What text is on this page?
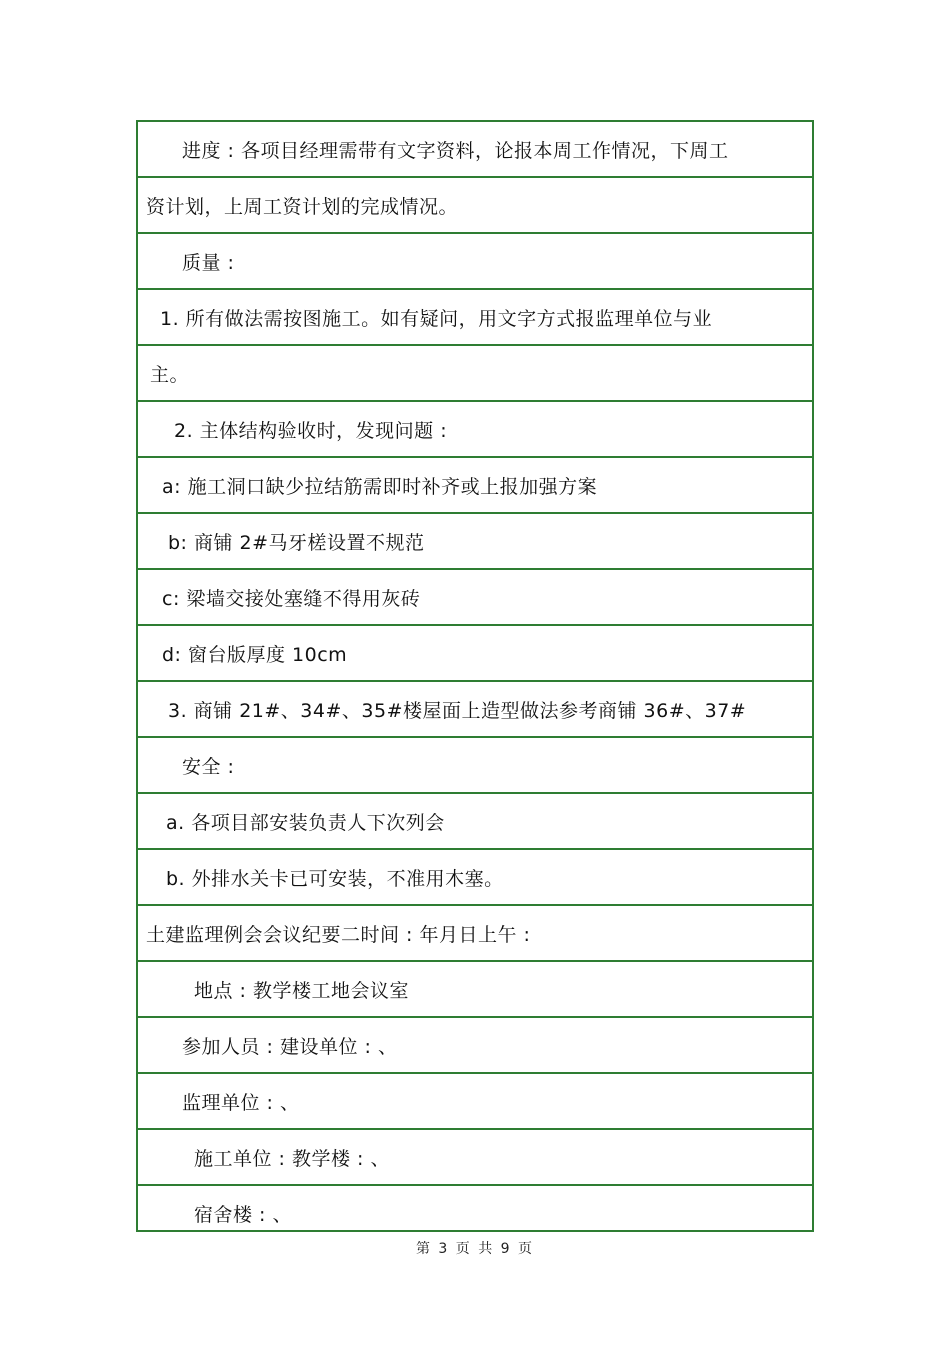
进度 : 各项目经理需带有文字资料，论报本周工作情况，下周工
资计划，上周工资计划的完成情况。
质量 :
1. 所有做法需按图施工。如有疑问，用文字方式报监理单位与业
主。
2. 主体结构验收时，发现问题 :
a: 施工洞口缺少拉结筋需即时补齐或上报加强方案
b: 商铺 2#马牙槎设置不规范
c: 梁墙交接处塞缝不得用灰砖
d: 窗台版厚度 10cm
3. 商铺 21#、34#、35#楼屋面上造型做法参考商铺 36#、37#
安全 :
a. 各项目部安装负责人下次列会
b. 外排水关卡已可安装，不准用木塞。
土建监理例会会议纪要二时间 : 年月日上午 :
地点 : 教学楼工地会议室
参加人员 : 建设单位 : 、
监理单位 : 、
施工单位 : 教学楼 : 、
宿舍楼 : 、
第 3 页 共 9 页
